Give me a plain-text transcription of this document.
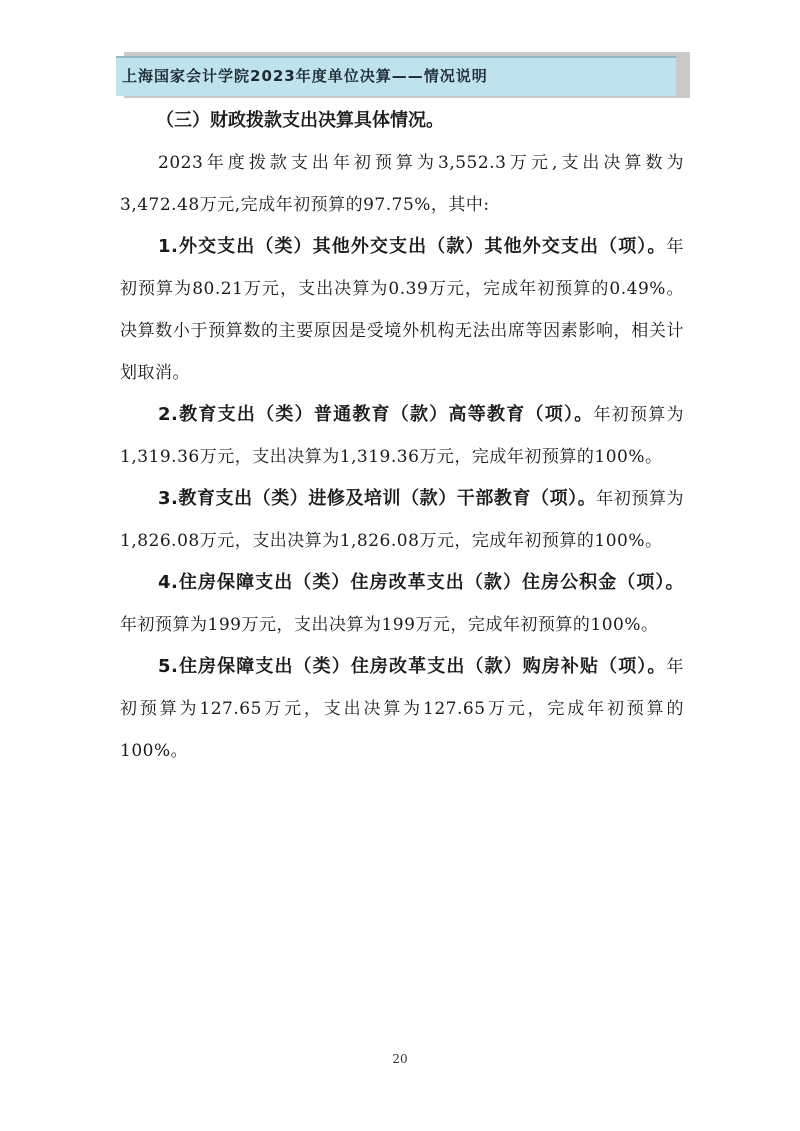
上海国家会计学院2023年度单位决算——情况说明

（三）财政拨款支出决算具体情况。

2023年度拨款支出年初预算为3,552.3万元,支出决算数为3,472.48万元,完成年初预算的97.75%，其中:

1.外交支出（类）其他外交支出（款）其他外交支出（项）。年初预算为80.21万元，支出决算为0.39万元，完成年初预算的0.49%。决算数小于预算数的主要原因是受境外机构无法出席等因素影响，相关计划取消。

2.教育支出（类）普通教育（款）高等教育（项）。年初预算为1,319.36万元，支出决算为1,319.36万元，完成年初预算的100%。

3.教育支出（类）进修及培训（款）干部教育（项）。年初预算为1,826.08万元，支出决算为1,826.08万元，完成年初预算的100%。

4.住房保障支出（类）住房改革支出（款）住房公积金（项）。年初预算为199万元，支出决算为199万元，完成年初预算的100%。

5.住房保障支出（类）住房改革支出（款）购房补贴（项）。年初预算为127.65万元，支出决算为127.65万元，完成年初预算的100%。

20
